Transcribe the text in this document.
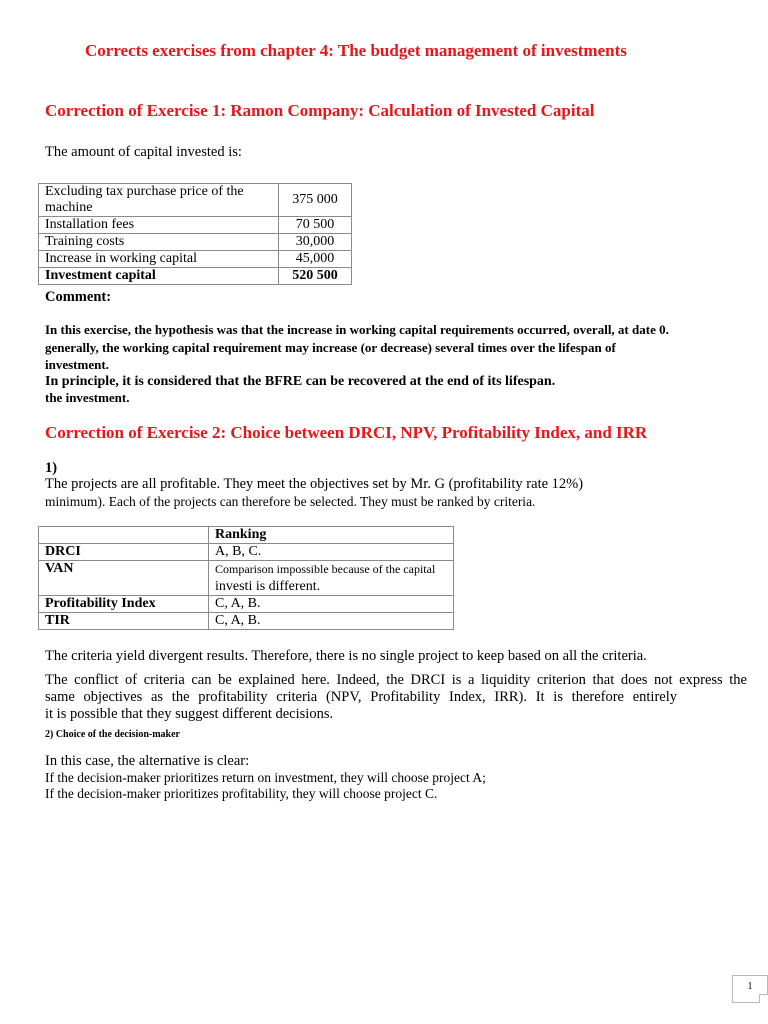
Corrects exercises from chapter 4: The budget management of investments
Correction of Exercise 1: Ramon Company: Calculation of Invested Capital
The amount of capital invested is:
Excluding tax purchase price of the machine	375 000
Installation fees	70 500
Training costs	30,000
Increase in working capital	45,000
Investment capital	520 500
Comment:
In this exercise, the hypothesis was that the increase in working capital requirements occurred, overall, at date 0.
generally, the working capital requirement may increase (or decrease) several times over the lifespan of
investment.
In principle, it is considered that the BFRE can be recovered at the end of its lifespan.
the investment.
Correction of Exercise 2: Choice between DRCI, NPV, Profitability Index, and IRR
1)
The projects are all profitable. They meet the objectives set by Mr. G (profitability rate 12%)
minimum). Each of the projects can therefore be selected. They must be ranked by criteria.
	Ranking
DRCI	A, B, C.
VAN	Comparison impossible because of the capital
investi is different.

Profitability Index	C, A, B.
TIR	C, A, B.
The criteria yield divergent results. Therefore, there is no single project to keep based on all the criteria.
The conflict of criteria can be explained here. Indeed, the DRCI is a liquidity criterion that does not express the
same objectives as the profitability criteria (NPV, Profitability Index, IRR). It is therefore entirely
it is possible that they suggest different decisions.
2) Choice of the decision-maker
In this case, the alternative is clear:
If the decision-maker prioritizes return on investment, they will choose project A;
If the decision-maker prioritizes profitability, they will choose project C.
1
